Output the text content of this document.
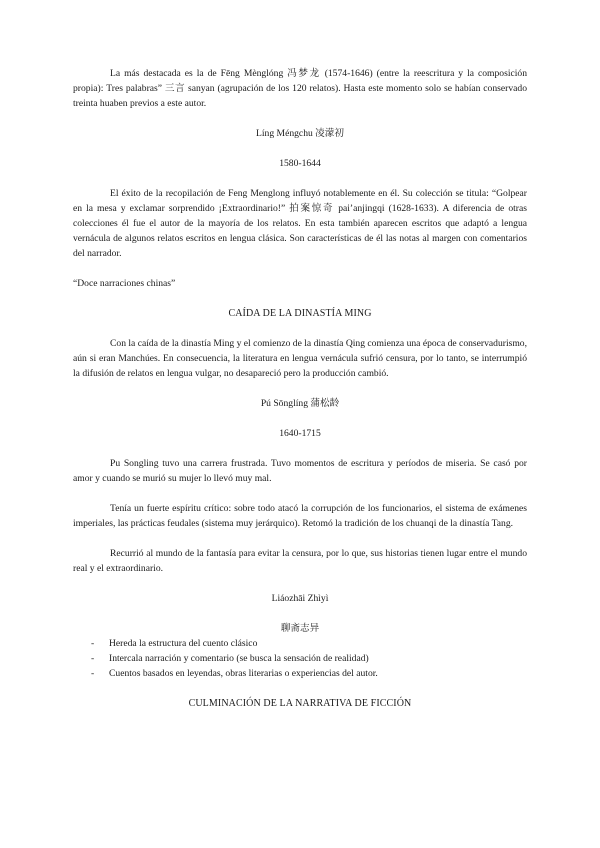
La más destacada es la de Fēng Mènglóng 冯梦龙 (1574-1646) (entre la reescritura y la composición propia): Tres palabras” 三言 sanyan (agrupación de los 120 relatos). Hasta este momento solo se habían conservado treinta huaben previos a este autor.

Líng Méngchu 凌濛初

1580-1644

El éxito de la recopilación de Feng Menglong influyó notablemente en él. Su colección se titula: “Golpear en la mesa y exclamar sorprendido ¡Extraordinario!” 拍案惊奇 pai’anjingqi (1628-1633). A diferencia de otras colecciones él fue el autor de la mayoría de los relatos. En esta también aparecen escritos que adaptó a lengua vernácula de algunos relatos escritos en lengua clásica. Son características de él las notas al margen con comentarios del narrador.

“Doce narraciones chinas”

CAÍDA DE LA DINASTÍA MING

Con la caída de la dinastía Ming y el comienzo de la dinastía Qing comienza una época de conservadurismo, aún si eran Manchúes. En consecuencia, la literatura en lengua vernácula sufrió censura, por lo tanto, se interrumpió la difusión de relatos en lengua vulgar, no desapareció pero la producción cambió.

Pú Sōnglíng 蒲松龄

1640-1715

Pu Songling tuvo una carrera frustrada. Tuvo momentos de escritura y períodos de miseria. Se casó por amor y cuando se murió su mujer lo llevó muy mal.

Tenía un fuerte espíritu crítico: sobre todo atacó la corrupción de los funcionarios, el sistema de exámenes imperiales, las prácticas feudales (sistema muy jerárquico). Retomó la tradición de los chuanqi de la dinastía Tang.

Recurrió al mundo de la fantasía para evitar la censura, por lo que, sus historias tienen lugar entre el mundo real y el extraordinario.

Liáozhāi Zhìyì

聊斋志异

- Hereda la estructura del cuento clásico
- Intercala narración y comentario (se busca la sensación de realidad)
- Cuentos basados en leyendas, obras literarias o experiencias del autor.

CULMINACIÓN DE LA NARRATIVA DE FICCIÓN
